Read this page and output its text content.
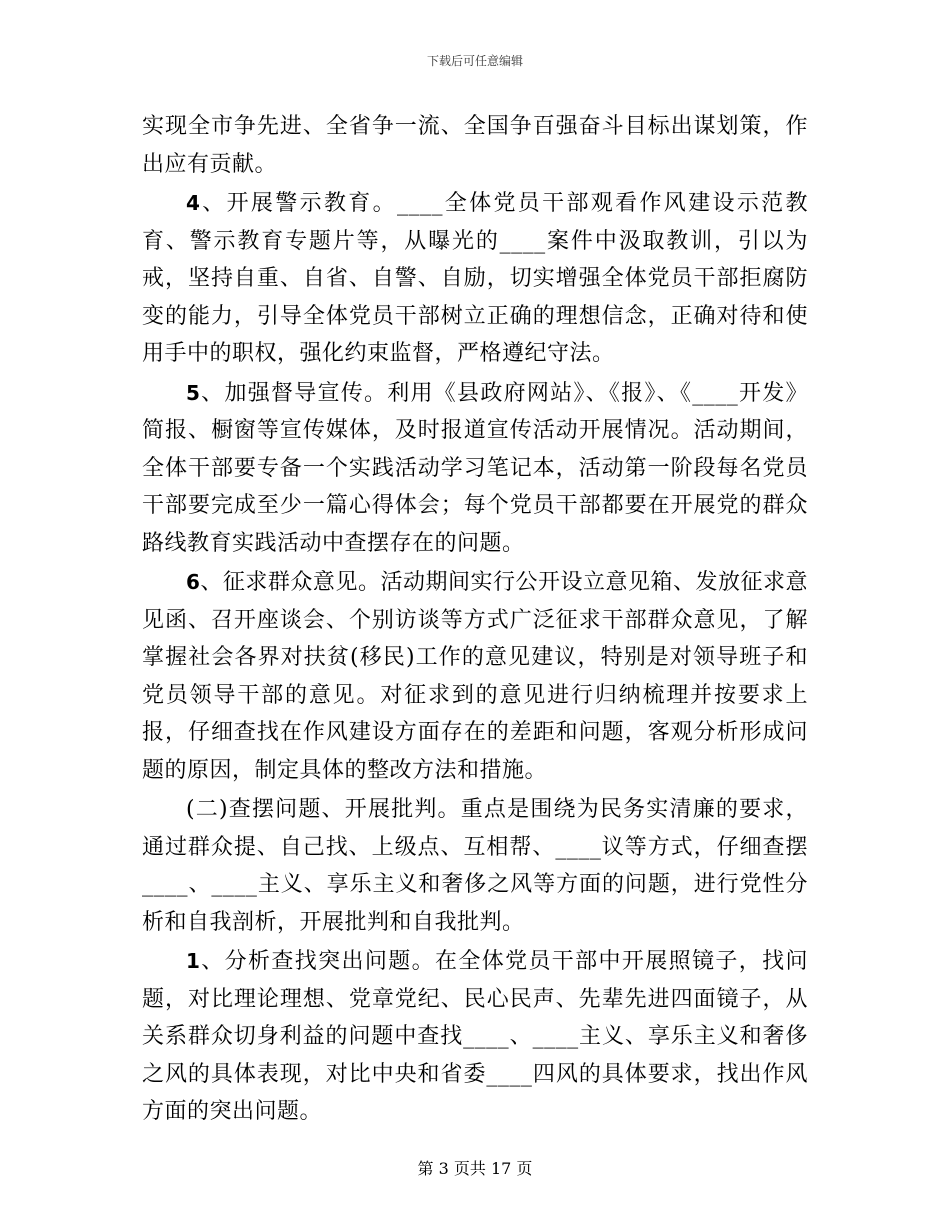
下载后可任意编辑

实现全市争先进、全省争一流、全国争百强奋斗目标出谋划策，作出应有贡献。

4、开展警示教育。____全体党员干部观看作风建设示范教育、警示教育专题片等，从曝光的____案件中汲取教训，引以为戒，坚持自重、自省、自警、自励，切实增强全体党员干部拒腐防变的能力，引导全体党员干部树立正确的理想信念，正确对待和使用手中的职权，强化约束监督，严格遵纪守法。

5、加强督导宣传。利用《县政府网站》、《报》、《____开发》简报、橱窗等宣传媒体，及时报道宣传活动开展情况。活动期间，全体干部要专备一个实践活动学习笔记本，活动第一阶段每名党员干部要完成至少一篇心得体会；每个党员干部都要在开展党的群众路线教育实践活动中查摆存在的问题。

6、征求群众意见。活动期间实行公开设立意见箱、发放征求意见函、召开座谈会、个别访谈等方式广泛征求干部群众意见，了解掌握社会各界对扶贫(移民)工作的意见建议，特别是对领导班子和党员领导干部的意见。对征求到的意见进行归纳梳理并按要求上报，仔细查找在作风建设方面存在的差距和问题，客观分析形成问题的原因，制定具体的整改方法和措施。

(二)查摆问题、开展批判。重点是围绕为民务实清廉的要求，通过群众提、自己找、上级点、互相帮、____议等方式，仔细查摆____、____主义、享乐主义和奢侈之风等方面的问题，进行党性分析和自我剖析，开展批判和自我批判。

1、分析查找突出问题。在全体党员干部中开展照镜子，找问题，对比理论理想、党章党纪、民心民声、先辈先进四面镜子，从关系群众切身利益的问题中查找____、____主义、享乐主义和奢侈之风的具体表现，对比中央和省委____四风的具体要求，找出作风方面的突出问题。

第 3 页共 17 页
